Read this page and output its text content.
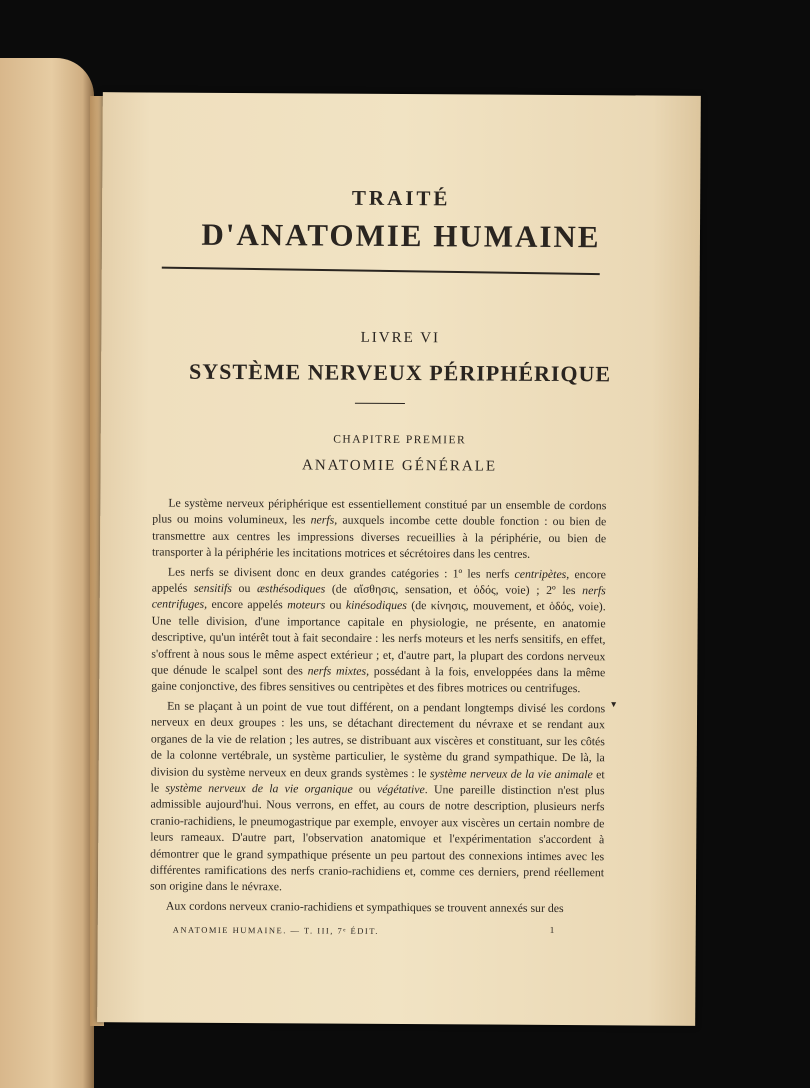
TRAITÉ
D'ANATOMIE HUMAINE
LIVRE VI
SYSTÈME NERVEUX PÉRIPHÉRIQUE
CHAPITRE PREMIER
ANATOMIE GÉNÉRALE

Le système nerveux périphérique est essentiellement constitué par un ensemble de cordons plus ou moins volumineux, les nerfs, auxquels incombe cette double fonction : ou bien de transmettre aux centres les impressions diverses recueillies à la périphérie, ou bien de transporter à la périphérie les incitations motrices et sécrétoires dans les centres.

Les nerfs se divisent donc en deux grandes catégories : 1º les nerfs centripètes, encore appelés sensitifs ou æsthésodiques (de αἴσθησις, sensation, et ὁδός, voie) ; 2º les nerfs centrifuges, encore appelés moteurs ou kinésodiques (de κίνησις, mouvement, et ὁδός, voie). Une telle division, d'une importance capitale en physiologie, ne présente, en anatomie descriptive, qu'un intérêt tout à fait secondaire : les nerfs moteurs et les nerfs sensitifs, en effet, s'offrent à nous sous le même aspect extérieur ; et, d'autre part, la plupart des cordons nerveux que dénude le scalpel sont des nerfs mixtes, possédant à la fois, enveloppées dans la même gaine conjonctive, des fibres sensitives ou centripètes et des fibres motrices ou centrifuges.

En se plaçant à un point de vue tout différent, on a pendant longtemps divisé les cordons nerveux en deux groupes : les uns, se détachant directement du névraxe et se rendant aux organes de la vie de relation ; les autres, se distribuant aux viscères et constituant, sur les côtés de la colonne vertébrale, un système particulier, le système du grand sympathique. De là, la division du système nerveux en deux grands systèmes : le système nerveux de la vie animale et le système nerveux de la vie organique ou végétative. Une pareille distinction n'est plus admissible aujourd'hui. Nous verrons, en effet, au cours de notre description, plusieurs nerfs cranio-rachidiens, le pneumogastrique par exemple, envoyer aux viscères un certain nombre de leurs rameaux. D'autre part, l'observation anatomique et l'expérimentation s'accordent à démontrer que le grand sympathique présente un peu partout des connexions intimes avec les différentes ramifications des nerfs cranio-rachidiens et, comme ces derniers, prend réellement son origine dans le névraxe.

Aux cordons nerveux cranio-rachidiens et sympathiques se trouvent annexés sur des

▾
ANATOMIE HUMAINE. — T. III, 7ᵉ ÉDIT.	1
